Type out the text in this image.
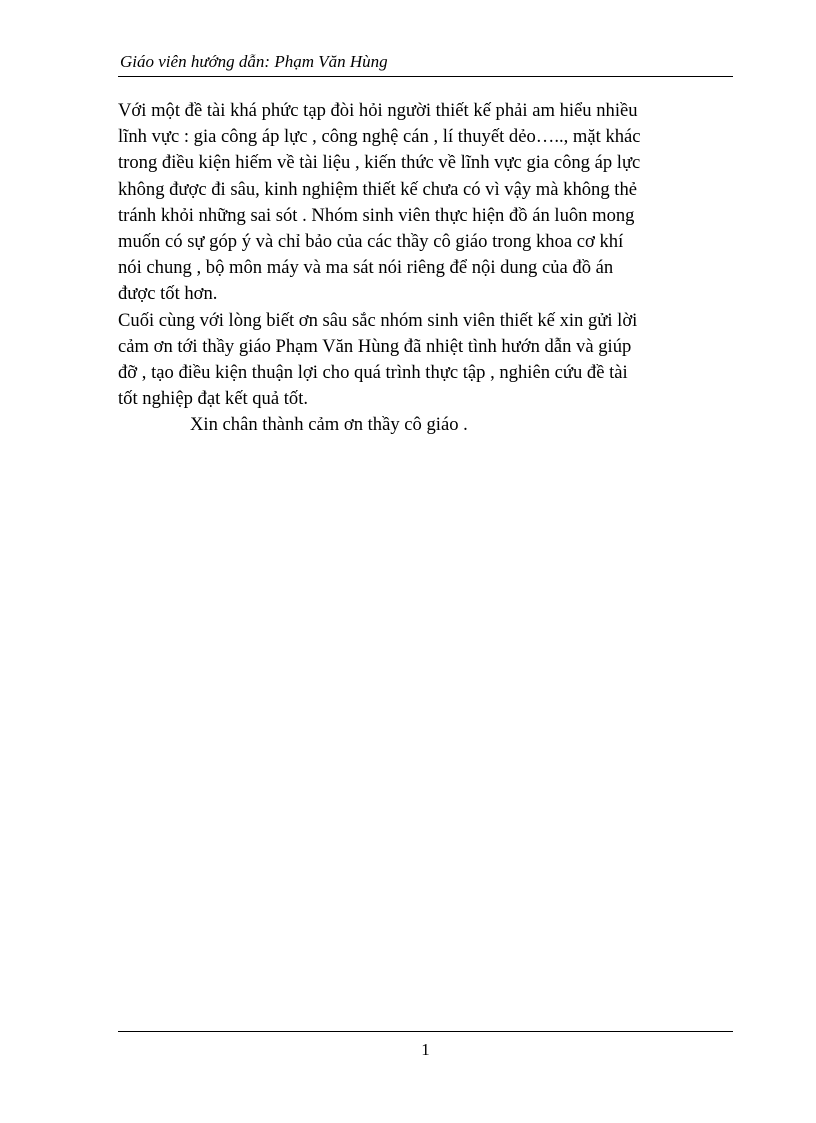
Giáo viên hướng dẫn: Phạm Văn Hùng
Với một đề tài khá phức tạp đòi hỏi người thiết kế phải am hiểu nhiều
lĩnh vực : gia công áp lực , công nghệ cán , lí thuyết dẻo….., mặt khác
trong điều kiện hiếm về tài liệu , kiến thức về lĩnh vực gia công áp lực
không được đi sâu, kinh nghiệm thiết kế chưa có vì vậy mà không thẻ
tránh khỏi những sai sót . Nhóm sinh viên thực hiện đồ án luôn mong
muốn có sự góp ý và chỉ bảo của các thầy cô giáo trong khoa cơ khí
nói chung , bộ môn máy và ma sát nói riêng để nội dung của đồ án
được tốt hơn.
Cuối cùng với lòng biết ơn sâu sắc nhóm sinh viên thiết kế xin gửi lời
cảm ơn tới thầy giáo Phạm Văn Hùng đã nhiệt tình hướn dẫn và giúp
đỡ , tạo điều kiện thuận lợi cho quá trình thực tập , nghiên cứu đề tài
tốt nghiệp đạt kết quả tốt.
Xin chân thành cảm ơn thầy cô giáo .
1
